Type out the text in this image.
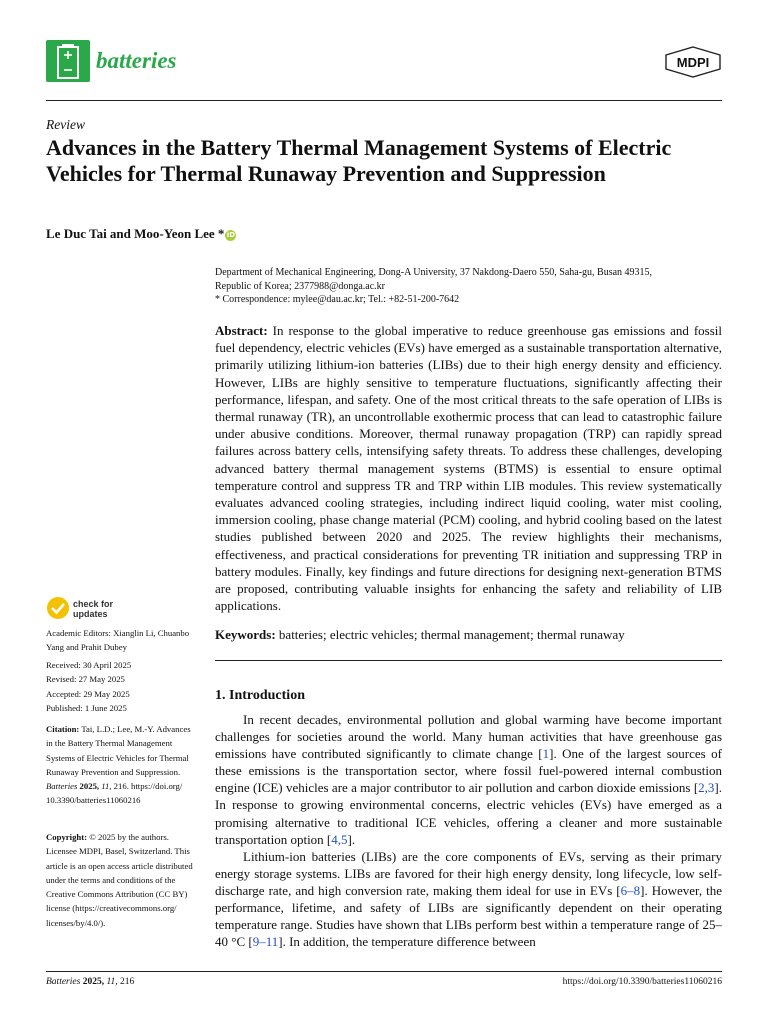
batteries	MDPI
Review
Advances in the Battery Thermal Management Systems of Electric Vehicles for Thermal Runaway Prevention and Suppression
Le Duc Tai and Moo-Yeon Lee * iD
Department of Mechanical Engineering, Dong-A University, 37 Nakdong-Daero 550, Saha-gu, Busan 49315,
Republic of Korea; 2377988@donga.ac.kr
* Correspondence: mylee@dau.ac.kr; Tel.: +82-51-200-7642
Abstract: In response to the global imperative to reduce greenhouse gas emissions and fossil fuel dependency, electric vehicles (EVs) have emerged as a sustainable transportation alternative, primarily utilizing lithium-ion batteries (LIBs) due to their high energy density and efficiency. However, LIBs are highly sensitive to temperature fluctuations, significantly affecting their performance, lifespan, and safety. One of the most critical threats to the safe operation of LIBs is thermal runaway (TR), an uncontrollable exothermic process that can lead to catastrophic failure under abusive conditions. Moreover, thermal runaway propagation (TRP) can rapidly spread failures across battery cells, intensifying safety threats. To address these challenges, developing advanced battery thermal management systems (BTMS) is essential to ensure optimal temperature control and suppress TR and TRP within LIB modules. This review systematically evaluates advanced cooling strategies, including indirect liquid cooling, water mist cooling, immersion cooling, phase change material (PCM) cooling, and hybrid cooling based on the latest studies published between 2020 and 2025. The review highlights their mechanisms, effectiveness, and practical considerations for preventing TR initiation and suppressing TRP in battery modules. Finally, key findings and future directions for designing next-generation BTMS are proposed, contributing valuable insights for enhancing the safety and reliability of LIB applications.
Keywords: batteries; electric vehicles; thermal management; thermal runaway
1. Introduction

In recent decades, environmental pollution and global warming have become important challenges for societies around the world. Many human activities that have greenhouse gas emissions have contributed significantly to climate change [1]. One of the largest sources of these emissions is the transportation sector, where fossil fuel-powered internal combustion engine (ICE) vehicles are a major contributor to air pollution and carbon dioxide emissions [2,3]. In response to growing environmental concerns, electric vehicles (EVs) have emerged as a promising alternative to traditional ICE vehicles, offering a cleaner and more sustainable transportation option [4,5].

Lithium-ion batteries (LIBs) are the core components of EVs, serving as their primary energy storage systems. LIBs are favored for their high energy density, long lifecycle, low self-discharge rate, and high conversion rate, making them ideal for use in EVs [6–8]. However, the performance, lifetime, and safety of LIBs are significantly dependent on their operating temperature range. Studies have shown that LIBs perform best within a temperature range of 25–40 °C [9–11]. In addition, the temperature difference between

check for
updates
Academic Editors: Xianglin Li, Chuanbo Yang and Prahit Dubey
Received: 30 April 2025
Revised: 27 May 2025
Accepted: 29 May 2025
Published: 1 June 2025
Citation: Tai, L.D.; Lee, M.-Y. Advances in the Battery Thermal Management Systems of Electric Vehicles for Thermal Runaway Prevention and Suppression. Batteries 2025, 11, 216. https://doi.org/ 10.3390/batteries11060216
Copyright: © 2025 by the authors. Licensee MDPI, Basel, Switzerland. This article is an open access article distributed under the terms and conditions of the Creative Commons Attribution (CC BY) license (https://creativecommons.org/ licenses/by/4.0/).
Batteries 2025, 11, 216	https://doi.org/10.3390/batteries11060216
